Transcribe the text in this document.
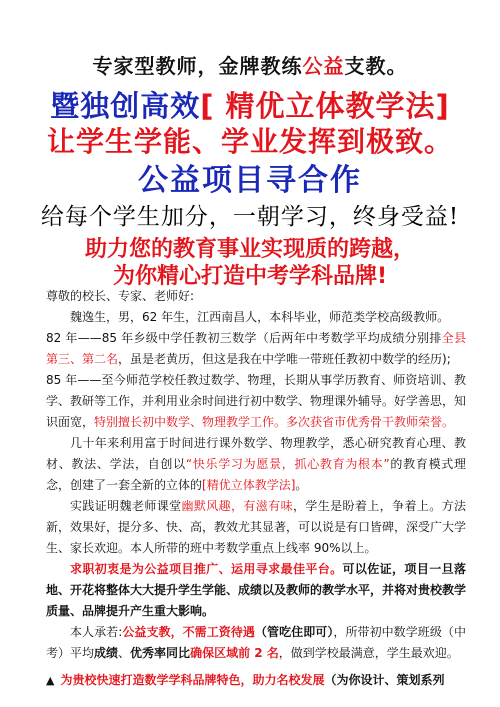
专家型教师，金牌教练公益支教。
暨独创高效[ 精优立体教学法]
让学生学能、学业发挥到极致。
公益项目寻合作
给每个学生加分，一朝学习，终身受益!
助力您的教育事业实现质的跨越，
为你精心打造中考学科品牌!

尊敬的校长、专家、老师好:

魏逸生，男，62 年生，江西南昌人，本科毕业，师范类学校高级教师。

82 年——85 年乡级中学任教初三数学（后两年中考数学平均成绩分别排全县第三、第二名，虽是老黄历，但这是我在中学唯一带班任教初中数学的经历);

85 年——至今师范学校任教过数学、物理，长期从事学历教育、师资培训、教学、教研等工作，并利用业余时间进行初中数学、物理课外辅导。好学善思，知识面宽，特别擅长初中数学、物理教学工作。多次获省市优秀骨干教师荣誉。

几十年来利用富于时间进行课外数学、物理教学，悉心研究教育心理、教材、教法、学法，自创以“快乐学习为愿景，抓心教育为根本”的教育模式理念，创建了一套全新的立体的[精优立体教学法]。

实践证明魏老师课堂幽默风趣，有滋有味，学生是盼着上，争着上。方法新，效果好，提分多、快、高，教效尤其显著，可以说是有口皆碑，深受广大学生、家长欢迎。本人所带的班中考数学重点上线率 90%以上。

求职初衷是为公益项目推广、运用寻求最佳平台。可以佐证，项目一旦落地、开花将整体大大提升学生学能、成绩以及教师的教学水平，并将对贵校教学质量、品牌提升产生重大影响。

本人承若:公益支教，不需工资待遇（管吃住即可），所带初中数学班级（中考）平均成绩、优秀率同比确保区域前 2 名，做到学校最满意，学生最欢迎。

▲ 为贵校快速打造数学学科品牌特色，助力名校发展（为你设计、策划系列
